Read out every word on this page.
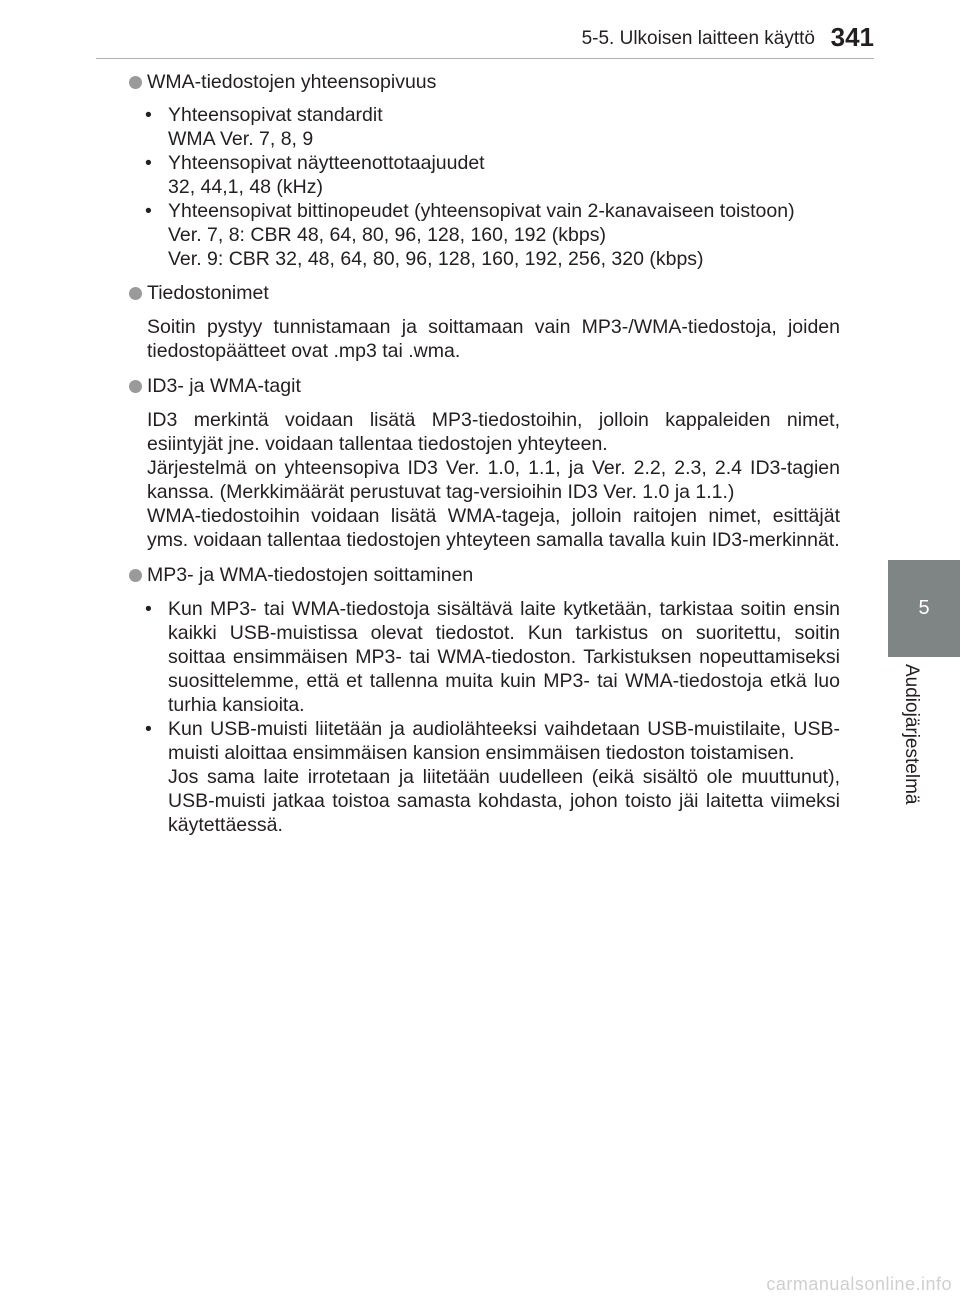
5-5. Ulkoisen laitteen käyttö 341
5
Audiojärjestelmä

WMA-tiedostojen yhteensopivuus

• Yhteensopivat standardit

WMA Ver. 7, 8, 9

• Yhteensopivat näytteenottotaajuudet

32, 44,1, 48 (kHz)

• Yhteensopivat bittinopeudet (yhteensopivat vain 2-kanavaiseen toistoon)

Ver. 7, 8: CBR 48, 64, 80, 96, 128, 160, 192 (kbps)

Ver. 9: CBR 32, 48, 64, 80, 96, 128, 160, 192, 256, 320 (kbps)

Tiedostonimet

Soitin pystyy tunnistamaan ja soittamaan vain MP3-/WMA-tiedostoja, joiden tiedostopäätteet ovat .mp3 tai .wma.

ID3- ja WMA-tagit

ID3 merkintä voidaan lisätä MP3-tiedostoihin, jolloin kappaleiden nimet, esiintyjät jne. voidaan tallentaa tiedostojen yhteyteen.

Järjestelmä on yhteensopiva ID3 Ver. 1.0, 1.1, ja Ver. 2.2, 2.3, 2.4 ID3-tagien kanssa. (Merkkimäärät perustuvat tag-versioihin ID3 Ver. 1.0 ja 1.1.)

WMA-tiedostoihin voidaan lisätä WMA-tageja, jolloin raitojen nimet, esittäjät yms. voidaan tallentaa tiedostojen yhteyteen samalla tavalla kuin ID3-merkinnät.

MP3- ja WMA-tiedostojen soittaminen

• Kun MP3- tai WMA-tiedostoja sisältävä laite kytketään, tarkistaa soitin ensin kaikki USB-muistissa olevat tiedostot. Kun tarkistus on suoritettu, soitin soittaa ensimmäisen MP3- tai WMA-tiedoston. Tarkistuksen nopeuttamiseksi suosittelemme, että et tallenna muita kuin MP3- tai WMA-tiedostoja etkä luo turhia kansioita.

• Kun USB-muisti liitetään ja audiolähteeksi vaihdetaan USB-muistilaite, USB-muisti aloittaa ensimmäisen kansion ensimmäisen tiedoston toistamisen.

Jos sama laite irrotetaan ja liitetään uudelleen (eikä sisältö ole muuttunut), USB-muisti jatkaa toistoa samasta kohdasta, johon toisto jäi laitetta viimeksi käytettäessä.

carmanualsonline.info
